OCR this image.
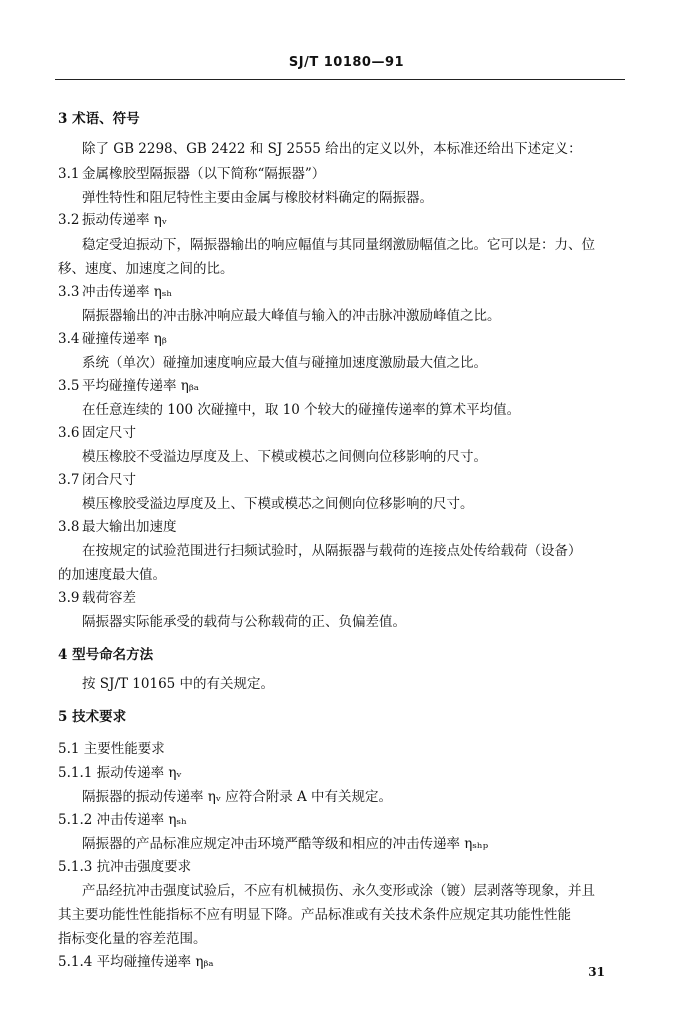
SJ/T 10180—91
3 术语、符号
除了 GB 2298、GB 2422 和 SJ 2555 给出的定义以外，本标准还给出下述定义：
3.1金属橡胶型隔振器（以下简称“隔振器”）
弹性特性和阻尼特性主要由金属与橡胶材料确定的隔振器。
3.2振动传递率 ηᵥ
稳定受迫振动下，隔振器输出的响应幅值与其同量纲激励幅值之比。它可以是：力、位
移、速度、加速度之间的比。
3.3冲击传递率 ηₛₕ
隔振器输出的冲击脉冲响应最大峰值与输入的冲击脉冲激励峰值之比。
3.4碰撞传递率 ηᵦ
系统（单次）碰撞加速度响应最大值与碰撞加速度激励最大值之比。
3.5平均碰撞传递率 ηᵦₐ
在任意连续的 100 次碰撞中，取 10 个较大的碰撞传递率的算术平均值。
3.6固定尺寸
模压橡胶不受溢边厚度及上、下模或模芯之间侧向位移影响的尺寸。
3.7闭合尺寸
模压橡胶受溢边厚度及上、下模或模芯之间侧向位移影响的尺寸。
3.8最大输出加速度
在按规定的试验范围进行扫频试验时，从隔振器与载荷的连接点处传给载荷（设备）
的加速度最大值。
3.9载荷容差
隔振器实际能承受的载荷与公称载荷的正、负偏差值。
4 型号命名方法
按 SJ/T 10165 中的有关规定。
5 技术要求
5.1 主要性能要求
5.1.1 振动传递率 ηᵥ
隔振器的振动传递率 ηᵥ 应符合附录 A 中有关规定。
5.1.2 冲击传递率 ηₛₕ
隔振器的产品标准应规定冲击环境严酷等级和相应的冲击传递率 ηₛₕₚ
5.1.3 抗冲击强度要求
产品经抗冲击强度试验后，不应有机械损伤、永久变形或涂（镀）层剥落等现象，并且
其主要功能性性能指标不应有明显下降。产品标准或有关技术条件应规定其功能性性能
指标变化量的容差范围。
5.1.4 平均碰撞传递率 ηᵦₐ
31
